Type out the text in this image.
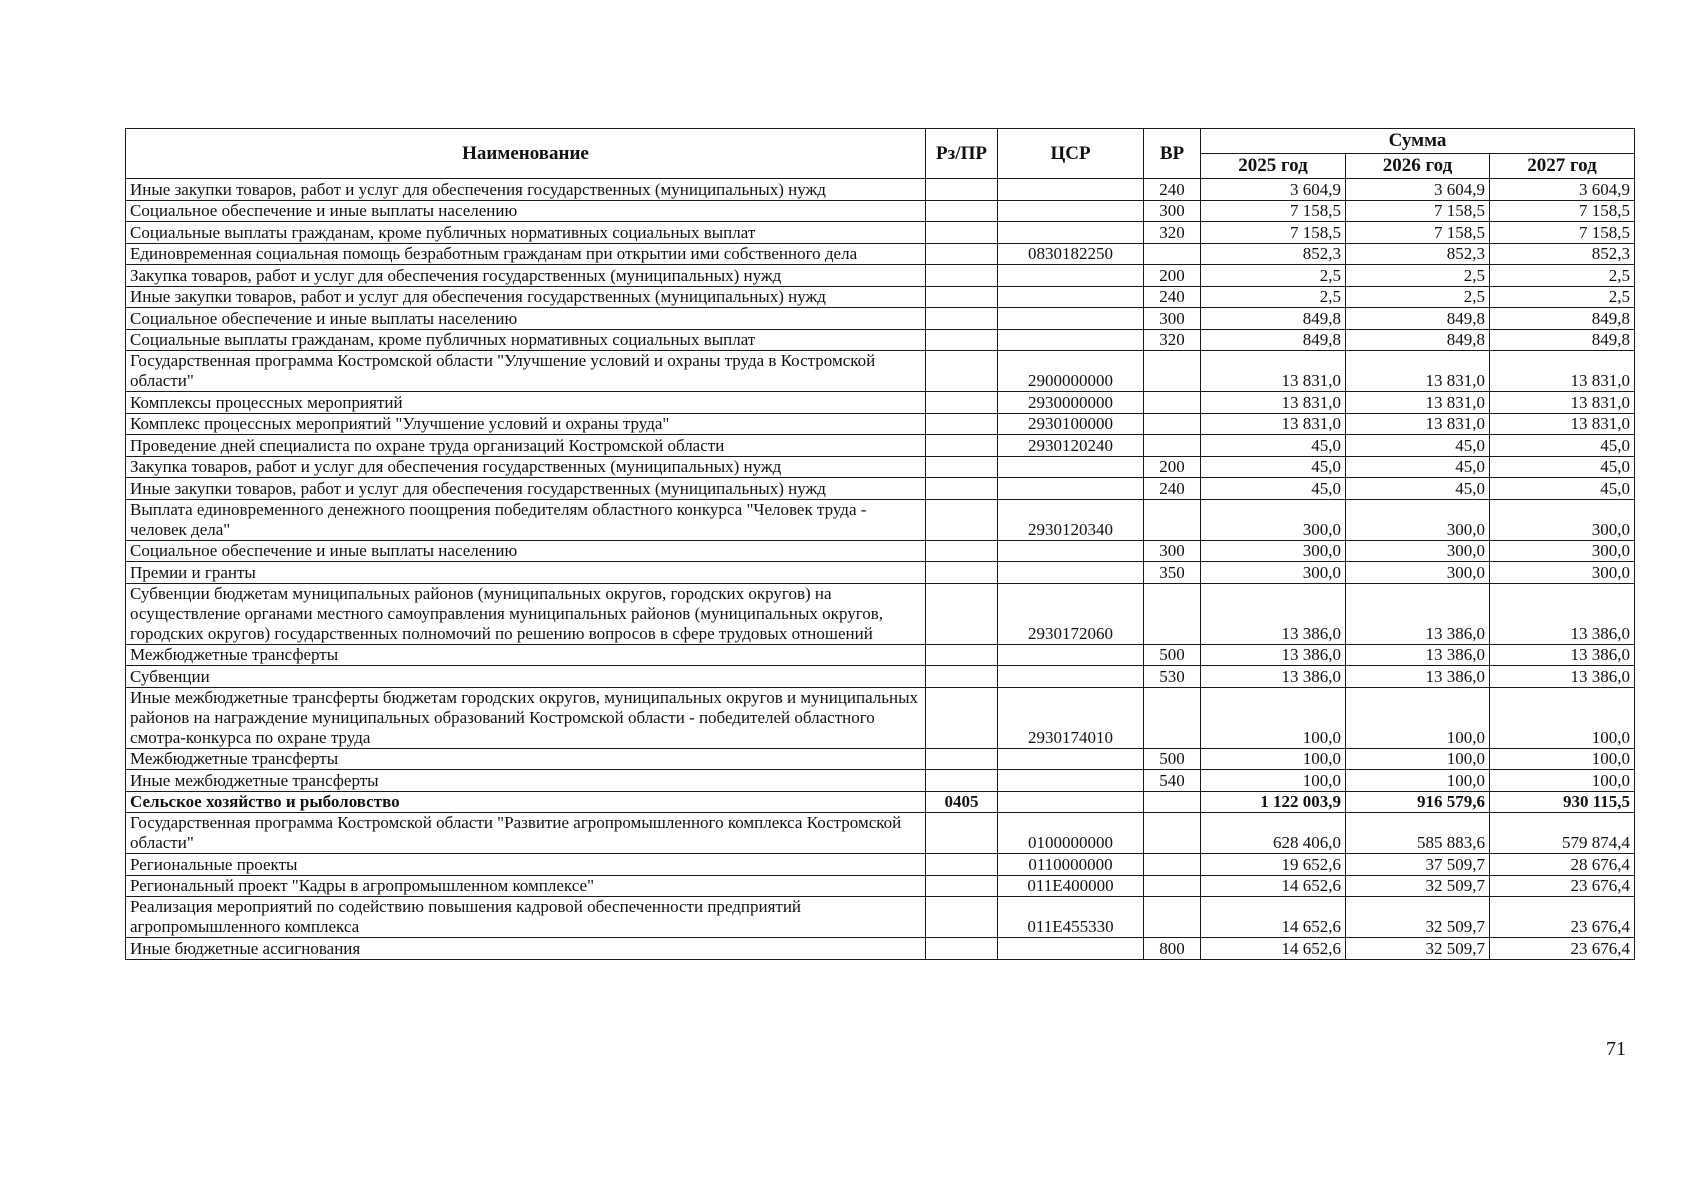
Наименование	Рз/ПР	ЦСР	ВР	Сумма		
				2025 год	2026 год	2027 год
Иные закупки товаров, работ и услуг для обеспечения государственных (муниципальных) нужд			240	3 604,9	3 604,9	3 604,9
Социальное обеспечение и иные выплаты населению			300	7 158,5	7 158,5	7 158,5
Социальные выплаты гражданам, кроме публичных нормативных социальных выплат			320	7 158,5	7 158,5	7 158,5
Единовременная социальная помощь безработным гражданам при открытии ими собственного дела		0830182250		852,3	852,3	852,3
Закупка товаров, работ и услуг для обеспечения государственных (муниципальных) нужд			200	2,5	2,5	2,5
Иные закупки товаров, работ и услуг для обеспечения государственных (муниципальных) нужд			240	2,5	2,5	2,5
Социальное обеспечение и иные выплаты населению			300	849,8	849,8	849,8
Социальные выплаты гражданам, кроме публичных нормативных социальных выплат			320	849,8	849,8	849,8
Государственная программа Костромской области "Улучшение условий и охраны труда в Костромской области"		2900000000		13 831,0	13 831,0	13 831,0
Комплексы процессных мероприятий		2930000000		13 831,0	13 831,0	13 831,0
Комплекс процессных мероприятий "Улучшение условий и охраны труда"		2930100000		13 831,0	13 831,0	13 831,0
Проведение дней специалиста по охране труда организаций Костромской области		2930120240		45,0	45,0	45,0
Закупка товаров, работ и услуг для обеспечения государственных (муниципальных) нужд			200	45,0	45,0	45,0
Иные закупки товаров, работ и услуг для обеспечения государственных (муниципальных) нужд			240	45,0	45,0	45,0
Выплата единовременного денежного поощрения победителям областного конкурса "Человек труда - человек дела"		2930120340		300,0	300,0	300,0
Социальное обеспечение и иные выплаты населению			300	300,0	300,0	300,0
Премии и гранты			350	300,0	300,0	300,0
Субвенции бюджетам муниципальных районов (муниципальных округов, городских округов) на осуществление органами местного самоуправления муниципальных районов (муниципальных округов, городских округов) государственных полномочий по решению вопросов в сфере трудовых отношений		2930172060		13 386,0	13 386,0	13 386,0
Межбюджетные трансферты			500	13 386,0	13 386,0	13 386,0
Субвенции			530	13 386,0	13 386,0	13 386,0
Иные межбюджетные трансферты бюджетам городских округов, муниципальных округов и муниципальных районов на награждение муниципальных образований Костромской области - победителей областного смотра-конкурса по охране труда		2930174010		100,0	100,0	100,0
Межбюджетные трансферты			500	100,0	100,0	100,0
Иные межбюджетные трансферты			540	100,0	100,0	100,0
Сельское хозяйство и рыболовство	0405			1 122 003,9	916 579,6	930 115,5
Государственная программа Костромской области "Развитие агропромышленного комплекса Костромской области"		0100000000		628 406,0	585 883,6	579 874,4
Региональные проекты		0110000000		19 652,6	37 509,7	28 676,4
Региональный проект "Кадры в агропромышленном комплексе"		011Е400000		14 652,6	32 509,7	23 676,4
Реализация мероприятий по содействию повышения кадровой обеспеченности предприятий агропромышленного комплекса		011Е455330		14 652,6	32 509,7	23 676,4
Иные бюджетные ассигнования			800	14 652,6	32 509,7	23 676,4
71
